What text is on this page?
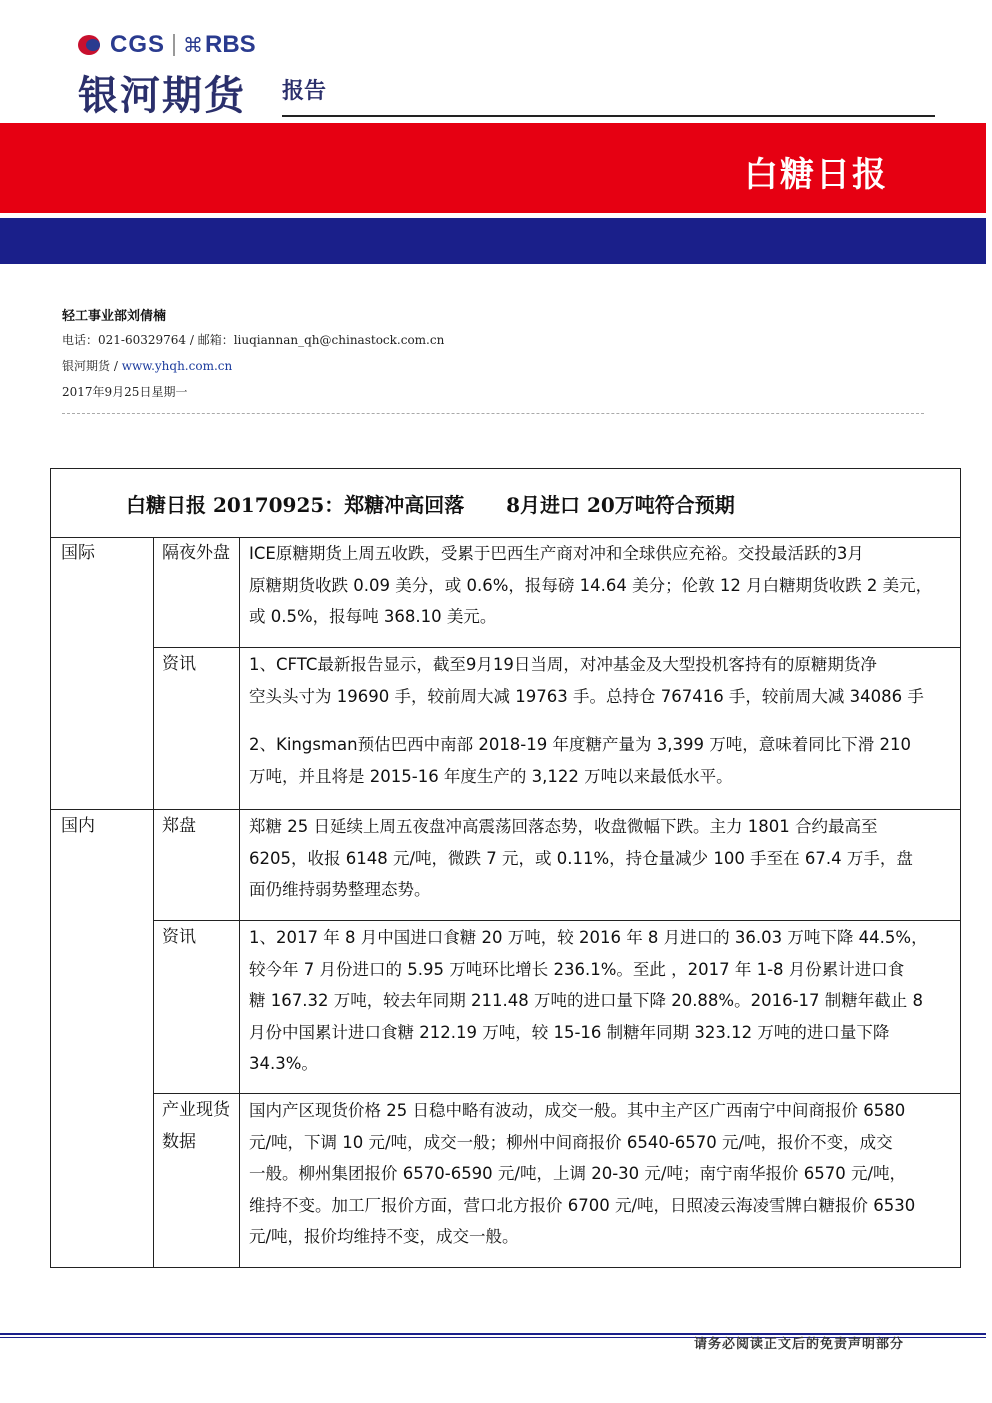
CGS ⌘ RBS
银河期货 报告
白糖日报
轻工事业部刘倩楠
电话：021-60329764 / 邮箱：liuqiannan_qh@chinastock.com.cn
银河期货 / www.yhqh.com.cn
2017年9月25日星期一
白糖日报 20170925：郑糖冲高回落      8月进口 20万吨符合预期
国际
国内
隔夜外盘
资讯
郑盘
资讯
产业现货数据
ICE原糖期货上周五收跌，受累于巴西生产商对冲和全球供应充裕。交投最活跃的3月
原糖期货收跌 0.09 美分，或 0.6%，报每磅 14.64 美分；伦敦 12 月白糖期货收跌 2 美元，
或 0.5%，报每吨 368.10 美元。
1、CFTC最新报告显示，截至9月19日当周，对冲基金及大型投机客持有的原糖期货净
空头头寸为 19690 手，较前周大减 19763 手。总持仓 767416 手，较前周大减 34086 手
2、Kingsman预估巴西中南部 2018-19 年度糖产量为 3,399 万吨，意味着同比下滑 210
万吨，并且将是 2015-16 年度生产的 3,122 万吨以来最低水平。
郑糖 25 日延续上周五夜盘冲高震荡回落态势，收盘微幅下跌。主力 1801 合约最高至
6205，收报 6148 元/吨，微跌 7 元，或 0.11%，持仓量减少 100 手至在 67.4 万手，盘
面仍维持弱势整理态势。
1、2017 年 8 月中国进口食糖 20 万吨，较 2016 年 8 月进口的 36.03 万吨下降 44.5%，
较今年 7 月份进口的 5.95 万吨环比增长 236.1%。至此 ，2017 年 1-8 月份累计进口食
糖 167.32 万吨，较去年同期 211.48 万吨的进口量下降 20.88%。2016-17 制糖年截止 8
月份中国累计进口食糖 212.19 万吨，较 15-16 制糖年同期 323.12 万吨的进口量下降
34.3%。
国内产区现货价格 25 日稳中略有波动，成交一般。其中主产区广西南宁中间商报价 6580
元/吨，下调 10 元/吨，成交一般；柳州中间商报价 6540-6570 元/吨，报价不变，成交
一般。柳州集团报价 6570-6590 元/吨，上调 20-30 元/吨；南宁南华报价 6570 元/吨，
维持不变。加工厂报价方面，营口北方报价 6700 元/吨，日照凌云海凌雪牌白糖报价 6530
元/吨，报价均维持不变，成交一般。
请务必阅读正文后的免责声明部分
